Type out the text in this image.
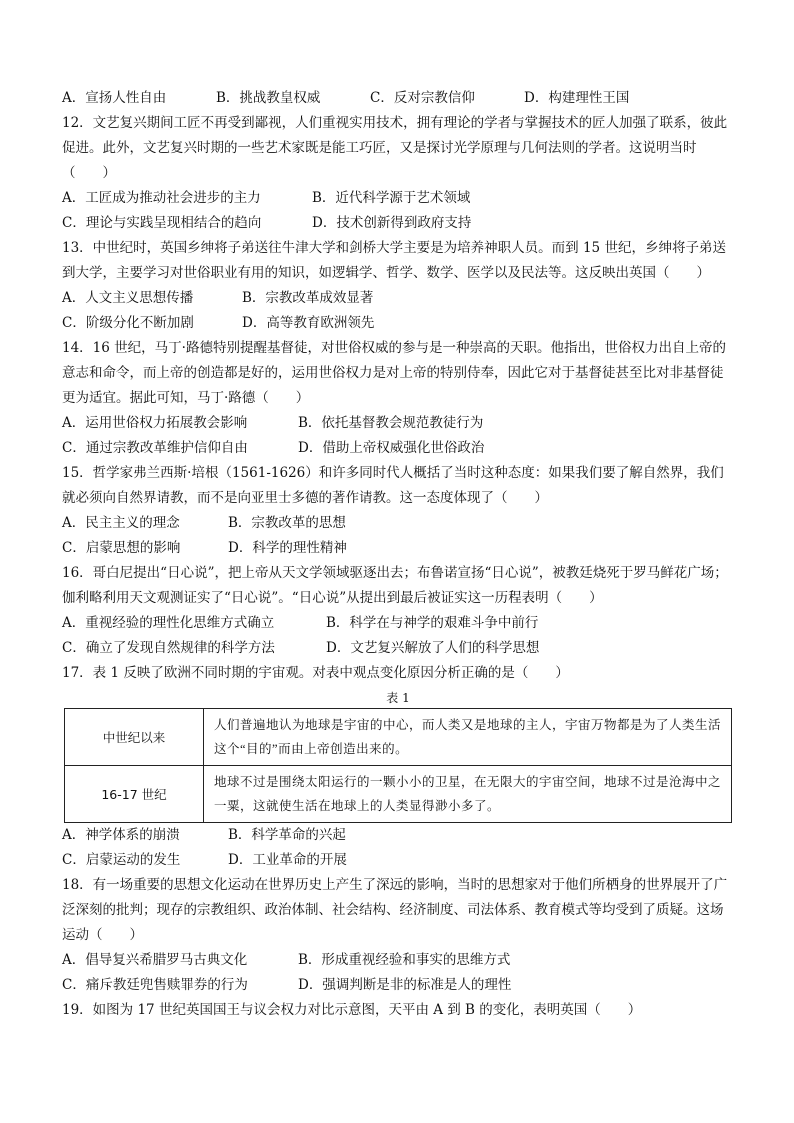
A．宣扬人性自由	B．挑战教皇权威	C．反对宗教信仰	D．构建理性王国
12．文艺复兴期间工匠不再受到鄙视，人们重视实用技术，拥有理论的学者与掌握技术的匠人加强了联系，彼此促进。此外，文艺复兴时期的一些艺术家既是能工巧匠，又是探讨光学原理与几何法则的学者。这说明当时（　　）
A．工匠成为推动社会进步的主力	B．近代科学源于艺术领域
C．理论与实践呈现相结合的趋向	D．技术创新得到政府支持
13．中世纪时，英国乡绅将子弟送往牛津大学和剑桥大学主要是为培养神职人员。而到 15 世纪，乡绅将子弟送到大学，主要学习对世俗职业有用的知识，如逻辑学、哲学、数学、医学以及民法等。这反映出英国（　　）
A．人文主义思想传播	B．宗教改革成效显著
C．阶级分化不断加剧	D．高等教育欧洲领先
14．16 世纪，马丁·路德特别提醒基督徒，对世俗权威的参与是一种崇高的天职。他指出，世俗权力出自上帝的意志和命令，而上帝的创造都是好的，运用世俗权力是对上帝的特别侍奉，因此它对于基督徒甚至比对非基督徒更为适宜。据此可知，马丁·路德（　　）
A．运用世俗权力拓展教会影响	B．依托基督教会规范教徒行为
C．通过宗教改革维护信仰自由	D．借助上帝权威强化世俗政治
15．哲学家弗兰西斯·培根（1561-1626）和许多同时代人概括了当时这种态度：如果我们要了解自然界，我们就必须向自然界请教，而不是向亚里士多德的著作请教。这一态度体现了（　　）
A．民主主义的理念	B．宗教改革的思想
C．启蒙思想的影响	D．科学的理性精神
16．哥白尼提出“日心说”，把上帝从天文学领域驱逐出去；布鲁诺宣扬“日心说”，被教廷烧死于罗马鲜花广场；伽利略利用天文观测证实了“日心说”。“日心说”从提出到最后被证实这一历程表明（　　）
A．重视经验的理性化思维方式确立	B．科学在与神学的艰难斗争中前行
C．确立了发现自然规律的科学方法	D．文艺复兴解放了人们的科学思想
17．表 1 反映了欧洲不同时期的宇宙观。对表中观点变化原因分析正确的是（　　）
表 1
中世纪以来	人们普遍地认为地球是宇宙的中心，而人类又是地球的主人，宇宙万物都是为了人类生活这个“目的”而由上帝创造出来的。
16-17 世纪	地球不过是围绕太阳运行的一颗小小的卫星，在无限大的宇宙空间，地球不过是沧海中之一粟，这就使生活在地球上的人类显得渺小多了。
A．神学体系的崩溃	B．科学革命的兴起
C．启蒙运动的发生	D．工业革命的开展
18．有一场重要的思想文化运动在世界历史上产生了深远的影响，当时的思想家对于他们所栖身的世界展开了广泛深刻的批判；现存的宗教组织、政治体制、社会结构、经济制度、司法体系、教育模式等均受到了质疑。这场运动（　　）
A．倡导复兴希腊罗马古典文化	B．形成重视经验和事实的思维方式
C．痛斥教廷兜售赎罪券的行为	D．强调判断是非的标准是人的理性
19．如图为 17 世纪英国国王与议会权力对比示意图，天平由 A 到 B 的变化，表明英国（　　）
